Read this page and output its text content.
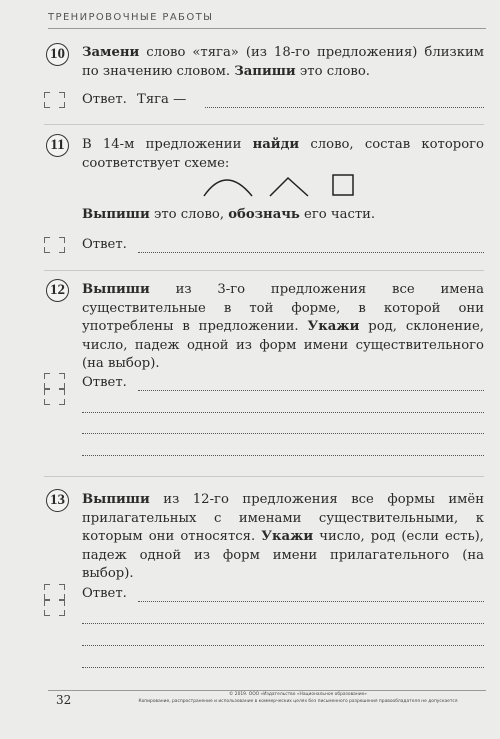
ТРЕНИРОВОЧНЫЕ РАБОТЫ
10	Замени слово «тяга» (из 18-го предложения) близким по значению словом. Запиши это слово.
Ответ. Тяга —
11	В 14-м предложении найди слово, состав которого соответствует схеме:
Выпиши это слово, обозначь его части.
Ответ.
12	Выпиши из 3-го предложения все имена существительные в той форме, в которой они употреблены в предложении. Укажи род, склонение, число, падеж одной из форм имени существительного (на выбор).
Ответ.
13	Выпиши из 12-го предложения все формы имён прилагательных с именами существительными, к которым они относятся. Укажи число, род (если есть), падеж одной из форм имени прилагательного (на выбор).
Ответ.
32	© 2019. ООО «Издательство «Национальное образование»
Копирование, распространение и использование в коммерческих целях без письменного разрешения правообладателя не допускается
